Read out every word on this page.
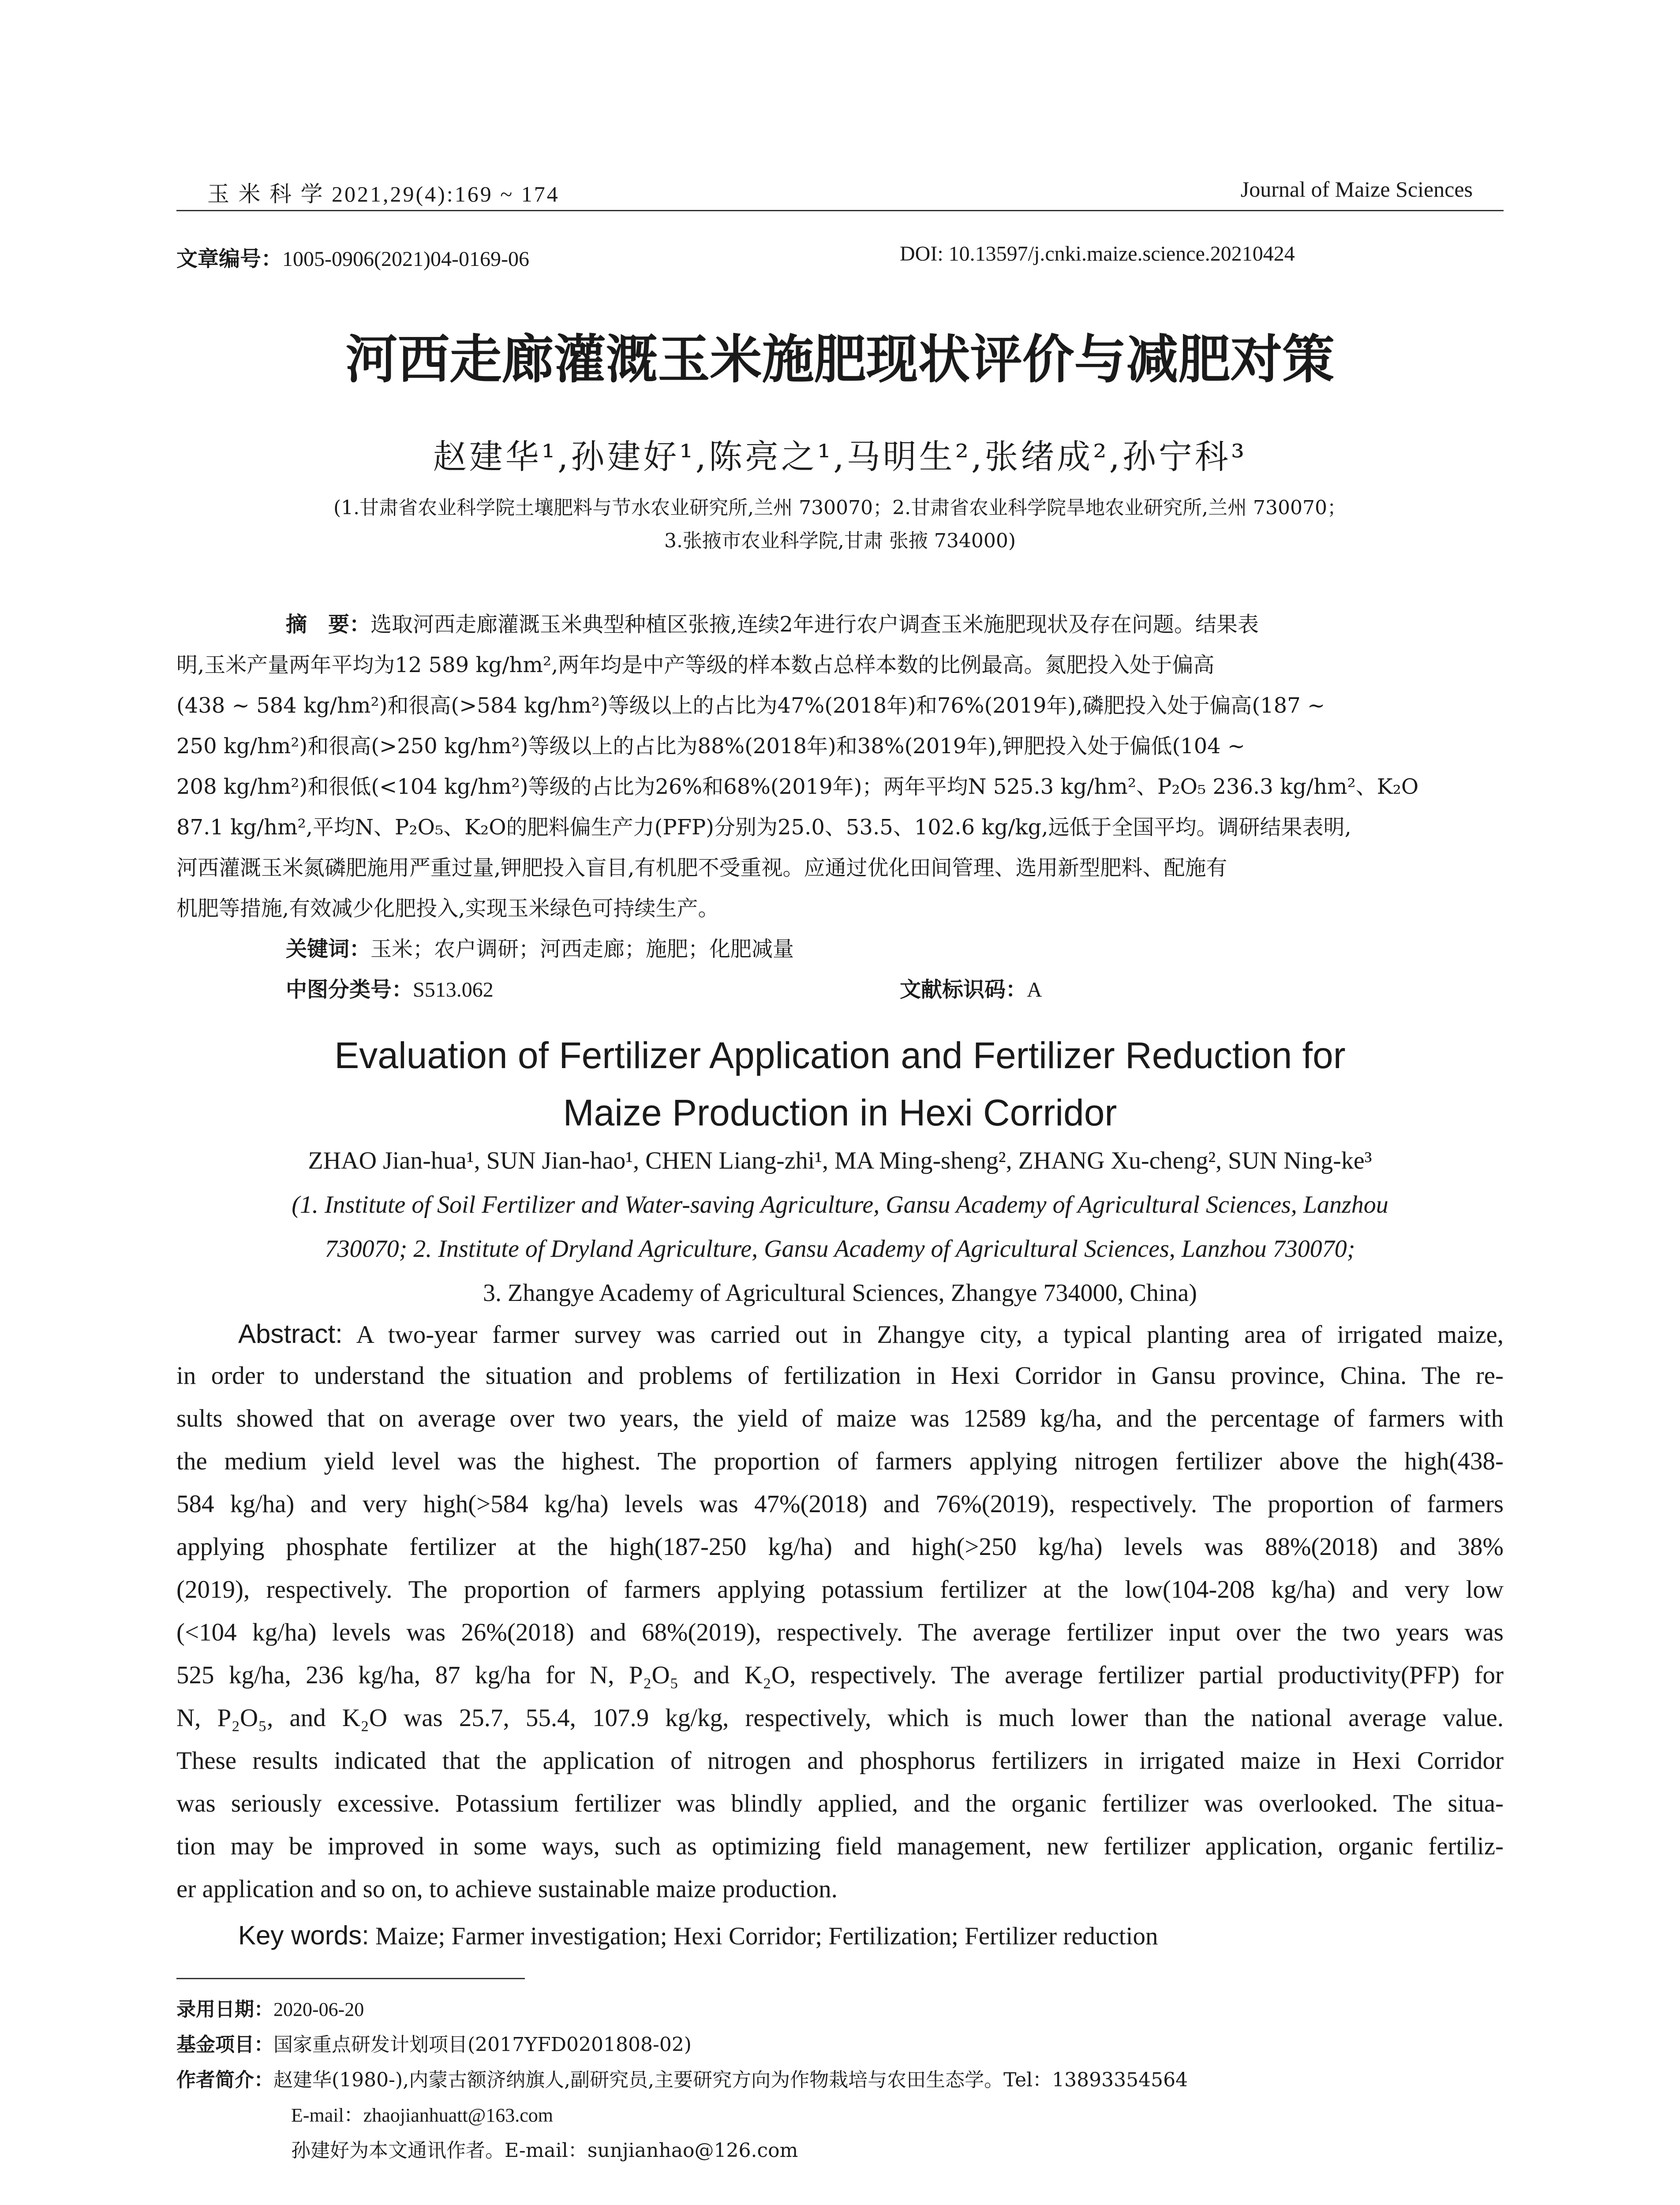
玉 米 科 学 2021,29(4):169 ~ 174	Journal of Maize Sciences
文章编号：1005-0906(2021)04-0169-06	DOI: 10.13597/j.cnki.maize.science.20210424
河西走廊灌溉玉米施肥现状评价与减肥对策
赵建华¹,孙建好¹,陈亮之¹,马明生²,张绪成²,孙宁科³
(1.甘肃省农业科学院土壤肥料与节水农业研究所,兰州 730070；2.甘肃省农业科学院旱地农业研究所,兰州 730070；
3.张掖市农业科学院,甘肃 张掖 734000)
摘　要：选取河西走廊灌溉玉米典型种植区张掖,连续2年进行农户调查玉米施肥现状及存在问题。结果表
明,玉米产量两年平均为12 589 kg/hm²,两年均是中产等级的样本数占总样本数的比例最高。氮肥投入处于偏高
(438 ~ 584 kg/hm²)和很高(>584 kg/hm²)等级以上的占比为47%(2018年)和76%(2019年),磷肥投入处于偏高(187 ~
250 kg/hm²)和很高(>250 kg/hm²)等级以上的占比为88%(2018年)和38%(2019年),钾肥投入处于偏低(104 ~
208 kg/hm²)和很低(<104 kg/hm²)等级的占比为26%和68%(2019年)；两年平均N 525.3 kg/hm²、P₂O₅ 236.3 kg/hm²、K₂O
87.1 kg/hm²,平均N、P₂O₅、K₂O的肥料偏生产力(PFP)分别为25.0、53.5、102.6 kg/kg,远低于全国平均。调研结果表明,
河西灌溉玉米氮磷肥施用严重过量,钾肥投入盲目,有机肥不受重视。应通过优化田间管理、选用新型肥料、配施有
机肥等措施,有效减少化肥投入,实现玉米绿色可持续生产。
关键词：玉米；农户调研；河西走廊；施肥；化肥减量
中图分类号：S513.062	文献标识码：A
Evaluation of Fertilizer Application and Fertilizer Reduction for
Maize Production in Hexi Corridor
ZHAO Jian-hua¹, SUN Jian-hao¹, CHEN Liang-zhi¹, MA Ming-sheng², ZHANG Xu-cheng², SUN Ning-ke³
(1. Institute of Soil Fertilizer and Water-saving Agriculture, Gansu Academy of Agricultural Sciences, Lanzhou
730070; 2. Institute of Dryland Agriculture, Gansu Academy of Agricultural Sciences, Lanzhou 730070;
3. Zhangye Academy of Agricultural Sciences, Zhangye 734000, China)
Abstract: A two-year farmer survey was carried out in Zhangye city, a typical planting area of irrigated maize,
in order to understand the situation and problems of fertilization in Hexi Corridor in Gansu province, China. The re-
sults showed that on average over two years, the yield of maize was 12589 kg/ha, and the percentage of farmers with
the medium yield level was the highest. The proportion of farmers applying nitrogen fertilizer above the high(438-
584 kg/ha) and very high(>584 kg/ha) levels was 47%(2018) and 76%(2019), respectively. The proportion of farmers
applying phosphate fertilizer at the high(187-250 kg/ha) and high(>250 kg/ha) levels was 88%(2018) and 38%
(2019), respectively. The proportion of farmers applying potassium fertilizer at the low(104-208 kg/ha) and very low
(<104 kg/ha) levels was 26%(2018) and 68%(2019), respectively. The average fertilizer input over the two years was
525 kg/ha, 236 kg/ha, 87 kg/ha for N, P₂O₅ and K₂O, respectively. The average fertilizer partial productivity(PFP) for
N, P₂O₅, and K₂O was 25.7, 55.4, 107.9 kg/kg, respectively, which is much lower than the national average value.
These results indicated that the application of nitrogen and phosphorus fertilizers in irrigated maize in Hexi Corridor
was seriously excessive. Potassium fertilizer was blindly applied, and the organic fertilizer was overlooked. The situa-
tion may be improved in some ways, such as optimizing field management, new fertilizer application, organic fertiliz-
er application and so on, to achieve sustainable maize production.
Key words: Maize; Farmer investigation; Hexi Corridor; Fertilization; Fertilizer reduction
录用日期：2020-06-20
基金项目：国家重点研发计划项目(2017YFD0201808-02)
作者简介：赵建华(1980-),内蒙古额济纳旗人,副研究员,主要研究方向为作物栽培与农田生态学。Tel：13893354564
E-mail：zhaojianhuatt@163.com
孙建好为本文通讯作者。E-mail：sunjianhao@126.com
